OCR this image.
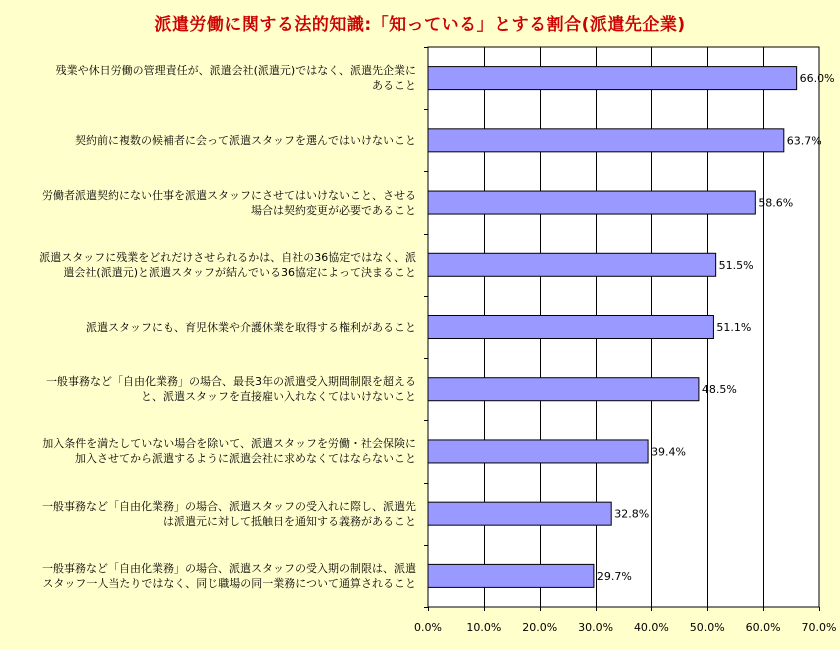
派遣労働に関する法的知識:「知っている」とする割合(派遣先企業)
0.0% 10.0% 20.0% 30.0% 40.0% 50.0% 60.0% 70.0%
66.0%
63.7%
58.6%
51.5%
51.1%
48.5%
39.4%
32.8%
29.7%
残業や休日労働の管理責任が、派遣会社(派遣元)ではなく、派遣先企業に
あること
契約前に複数の候補者に会って派遣スタッフを選んではいけないこと
労働者派遣契約にない仕事を派遣スタッフにさせてはいけないこと、させる
場合は契約変更が必要であること
派遣スタッフに残業をどれだけさせられるかは、自社の36協定ではなく、派
遣会社(派遣元)と派遣スタッフが結んでいる36協定によって決まること
派遣スタッフにも、育児休業や介護休業を取得する権利があること
一般事務など「自由化業務」の場合、最長3年の派遣受入期間制限を超える
と、派遣スタッフを直接雇い入れなくてはいけないこと
加入条件を満たしていない場合を除いて、派遣スタッフを労働・社会保険に
加入させてから派遣するように派遣会社に求めなくてはならないこと
一般事務など「自由化業務」の場合、派遣スタッフの受入れに際し、派遣先
は派遣元に対して抵触日を通知する義務があること
一般事務など「自由化業務」の場合、派遣スタッフの受入期の制限は、派遣
スタッフ一人当たりではなく、同じ職場の同一業務について通算されること
